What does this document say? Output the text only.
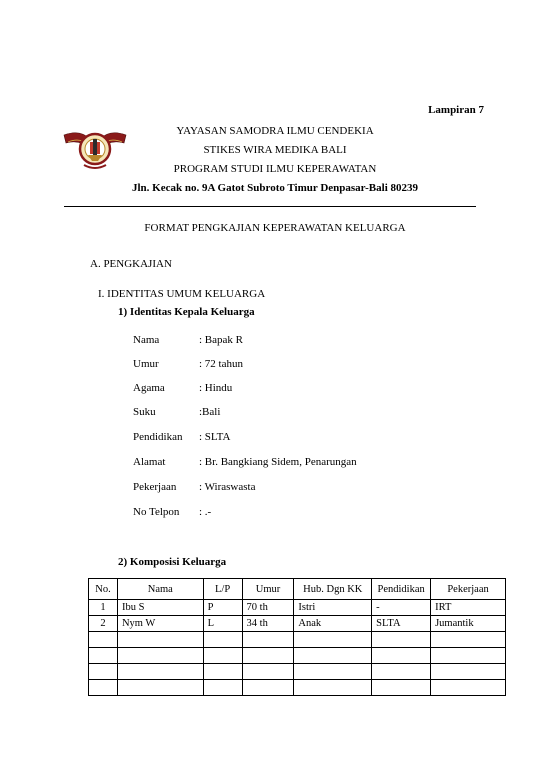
Lampiran 7
YAYASAN SAMODRA ILMU CENDEKIA
STIKES WIRA MEDIKA BALI
PROGRAM STUDI ILMU KEPERAWATAN
Jln. Kecak no. 9A Gatot Subroto Timur Denpasar-Bali 80239
FORMAT PENGKAJIAN KEPERAWATAN KELUARGA
A. PENGKAJIAN
I. IDENTITAS UMUM KELUARGA
1) Identitas Kepala Keluarga
Nama	: Bapak R
Umur	: 72 tahun
Agama	: Hindu
Suku	:Bali
Pendidikan : SLTA
Alamat	: Br. Bangkiang Sidem, Penarungan
Pekerjaan : Wiraswasta
No Telpon : .-
2) Komposisi Keluarga
No.	Nama	L/P	Umur	Hub. Dgn KK	Pendidikan	Pekerjaan
1	Ibu S	P	70 th	Istri	-	IRT
2	Nym W	L	34 th	Anak	SLTA	Jumantik
